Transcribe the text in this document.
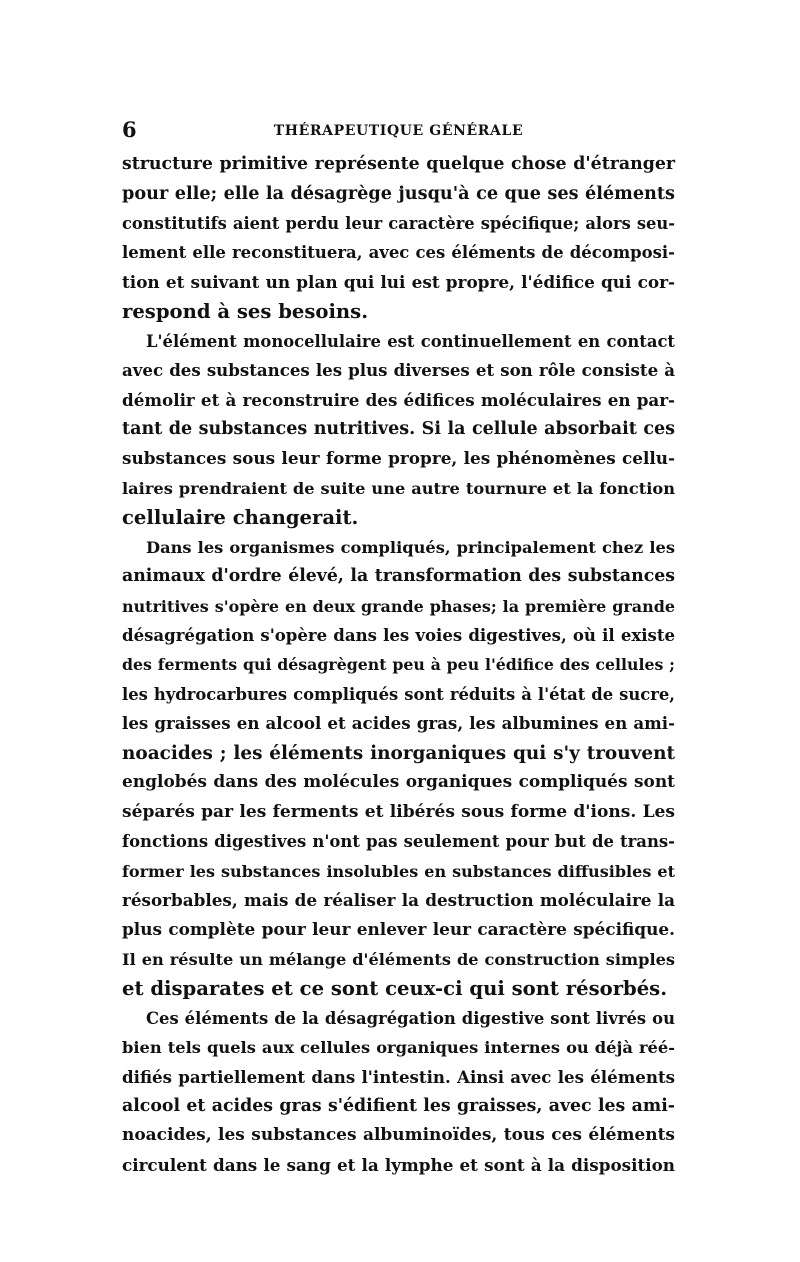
6	THÉRAPEUTIQUE GÉNÉRALE
structure primitive représente quelque chose d'étranger
pour elle; elle la désagrège jusqu'à ce que ses éléments
constitutifs aient perdu leur caractère spécifique; alors seu-
lement elle reconstituera, avec ces éléments de décomposi-
tion et suivant un plan qui lui est propre, l'édifice qui cor-
respond à ses besoins.
L'élément monocellulaire est continuellement en contact
avec des substances les plus diverses et son rôle consiste à
démolir et à reconstruire des édifices moléculaires en par-
tant de substances nutritives. Si la cellule absorbait ces
substances sous leur forme propre, les phénomènes cellu-
laires prendraient de suite une autre tournure et la fonction
cellulaire changerait.
Dans les organismes compliqués, principalement chez les
animaux d'ordre élevé, la transformation des substances
nutritives s'opère en deux grande phases; la première grande
désagrégation s'opère dans les voies digestives, où il existe
des ferments qui désagrègent peu à peu l'édifice des cellules ;
les hydrocarbures compliqués sont réduits à l'état de sucre,
les graisses en alcool et acides gras, les albumines en ami-
noacides ; les éléments inorganiques qui s'y trouvent
englobés dans des molécules organiques compliqués sont
séparés par les ferments et libérés sous forme d'ions. Les
fonctions digestives n'ont pas seulement pour but de trans-
former les substances insolubles en substances diffusibles et
résorbables, mais de réaliser la destruction moléculaire la
plus complète pour leur enlever leur caractère spécifique.
Il en résulte un mélange d'éléments de construction simples
et disparates et ce sont ceux-ci qui sont résorbés.
Ces éléments de la désagrégation digestive sont livrés ou
bien tels quels aux cellules organiques internes ou déjà réé-
difiés partiellement dans l'intestin. Ainsi avec les éléments
alcool et acides gras s'édifient les graisses, avec les ami-
noacides, les substances albuminoïdes, tous ces éléments
circulent dans le sang et la lymphe et sont à la disposition
